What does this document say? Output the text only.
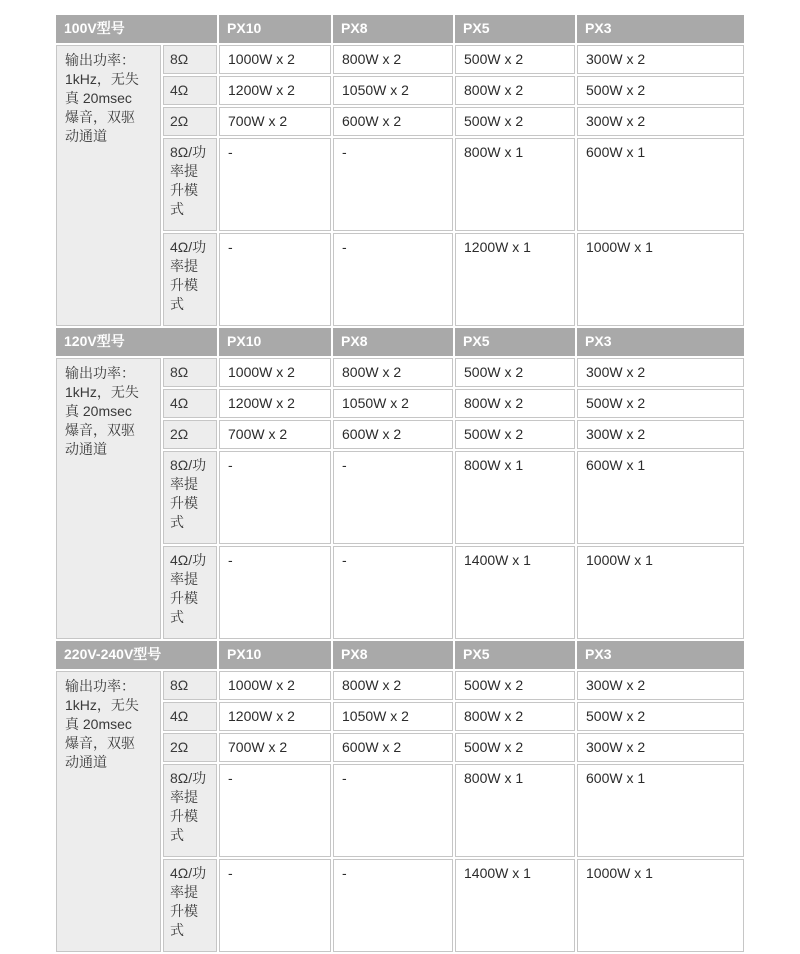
100V型号		PX10	PX8	PX5	PX3
输出功率：1kHz，无失真 20msec 爆音，双驱动通道	8Ω	1000W x 2	800W x 2	500W x 2	300W x 2
	4Ω	1200W x 2	1050W x 2	800W x 2	500W x 2
	2Ω	700W x 2	600W x 2	500W x 2	300W x 2
	8Ω/功率提升模式	-	-	800W x 1	600W x 1
	4Ω/功率提升模式	-	-	1200W x 1	1000W x 1
120V型号		PX10	PX8	PX5	PX3
输出功率：1kHz，无失真 20msec 爆音，双驱动通道	8Ω	1000W x 2	800W x 2	500W x 2	300W x 2
	4Ω	1200W x 2	1050W x 2	800W x 2	500W x 2
	2Ω	700W x 2	600W x 2	500W x 2	300W x 2
	8Ω/功率提升模式	-	-	800W x 1	600W x 1
	4Ω/功率提升模式	-	-	1400W x 1	1000W x 1
220V-240V型号		PX10	PX8	PX5	PX3
输出功率：1kHz，无失真 20msec 爆音，双驱动通道	8Ω	1000W x 2	800W x 2	500W x 2	300W x 2
	4Ω	1200W x 2	1050W x 2	800W x 2	500W x 2
	2Ω	700W x 2	600W x 2	500W x 2	300W x 2
	8Ω/功率提升模式	-	-	800W x 1	600W x 1
	4Ω/功率提升模式	-	-	1400W x 1	1000W x 1
